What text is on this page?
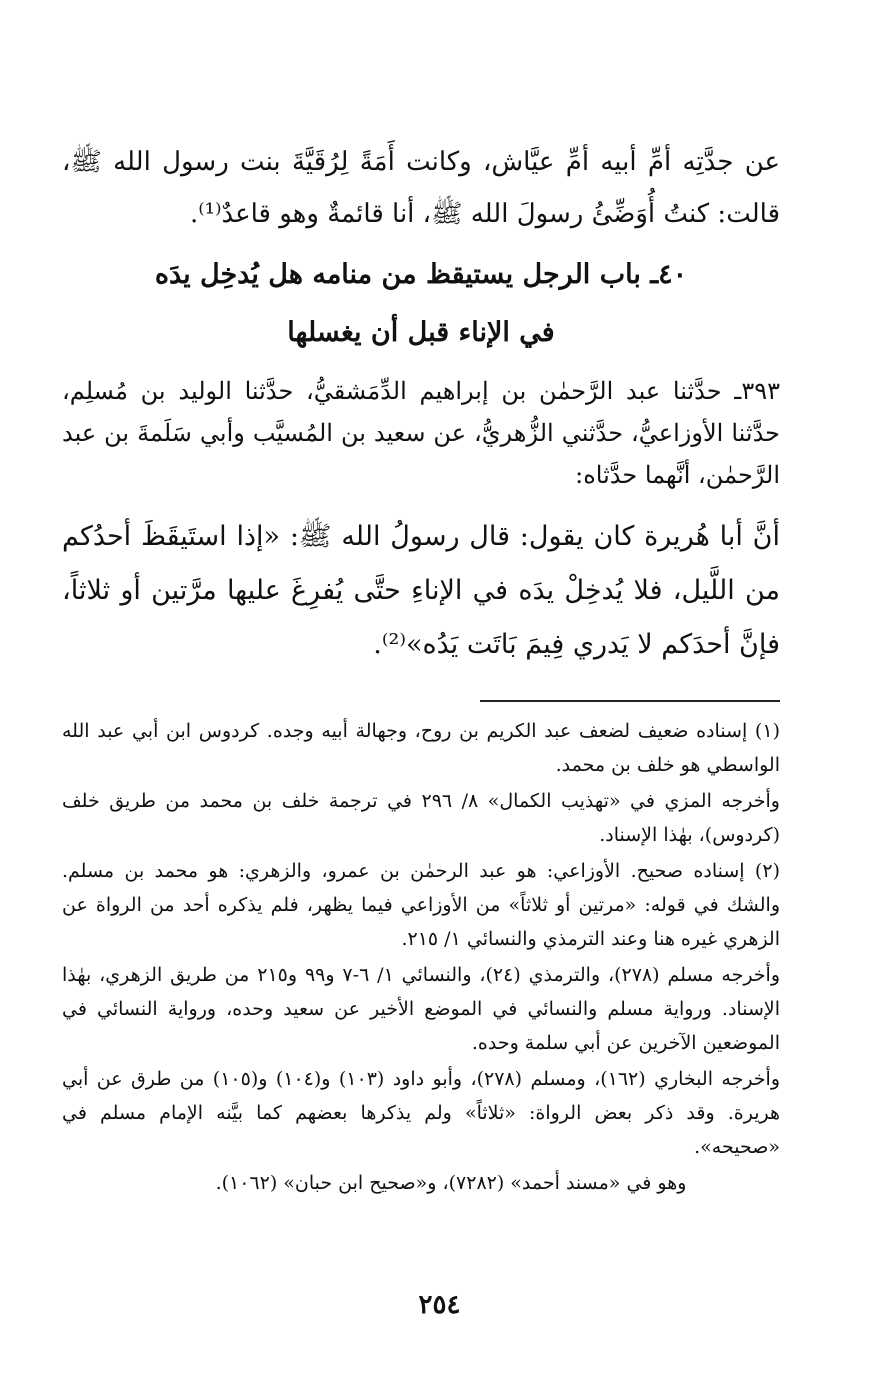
عن جدَّتِه أمِّ أبيه أمِّ عيَّاش، وكانت أَمَةً لِرُقَيَّةَ بنت رسول الله ﷺ، قالت: كنتُ أُوَضِّئُ رسولَ الله ﷺ، أنا قائمةٌ وهو قاعدٌ⁽¹⁾.

٤٠ـ باب الرجل يستيقظ من منامه هل يُدخِل يدَه

في الإناء قبل أن يغسلها

٣٩٣ـ حدَّثنا عبد الرَّحمٰن بن إبراهيم الدِّمَشقيُّ، حدَّثنا الوليد بن مُسلِم، حدَّثنا الأوزاعيُّ، حدَّثني الزُّهريُّ، عن سعيد بن المُسيَّب وأبي سَلَمةَ بن عبد الرَّحمٰن، أنَّهما حدَّثاه:

أنَّ أبا هُريرة كان يقول: قال رسولُ الله ﷺ: «إذا استَيقَظَ أحدُكم من اللَّيل، فلا يُدخِلْ يدَه في الإناءِ حتَّى يُفرِغَ عليها مرَّتين أو ثلاثاً، فإنَّ أحدَكم لا يَدري فِيمَ بَاتَت يَدُه»⁽²⁾.

(١) إسناده ضعيف لضعف عبد الكريم بن روح، وجهالة أبيه وجده. كردوس ابن أبي عبد الله الواسطي هو خلف بن محمد.

وأخرجه المزي في «تهذيب الكمال» ٨/ ٢٩٦ في ترجمة خلف بن محمد من طريق خلف (كردوس)، بهٰذا الإسناد.

(٢) إسناده صحيح. الأوزاعي: هو عبد الرحمٰن بن عمرو، والزهري: هو محمد بن مسلم. والشك في قوله: «مرتين أو ثلاثاً» من الأوزاعي فيما يظهر، فلم يذكره أحد من الرواة عن الزهري غيره هنا وعند الترمذي والنسائي ١/ ٢١٥.

وأخرجه مسلم (٢٧٨)، والترمذي (٢٤)، والنسائي ١/ ٦-٧ و٩٩ و٢١٥ من طريق الزهري، بهٰذا الإسناد. ورواية مسلم والنسائي في الموضع الأخير عن سعيد وحده، ورواية النسائي في الموضعين الآخرين عن أبي سلمة وحده.

وأخرجه البخاري (١٦٢)، ومسلم (٢٧٨)، وأبو داود (١٠٣) و(١٠٤) و(١٠٥) من طرق عن أبي هريرة. وقد ذكر بعض الرواة: «ثلاثاً» ولم يذكرها بعضهم كما بيَّنه الإمام مسلم في «صحيحه».

وهو في «مسند أحمد» (٧٢٨٢)، و«صحيح ابن حبان» (١٠٦٢).

٢٥٤
